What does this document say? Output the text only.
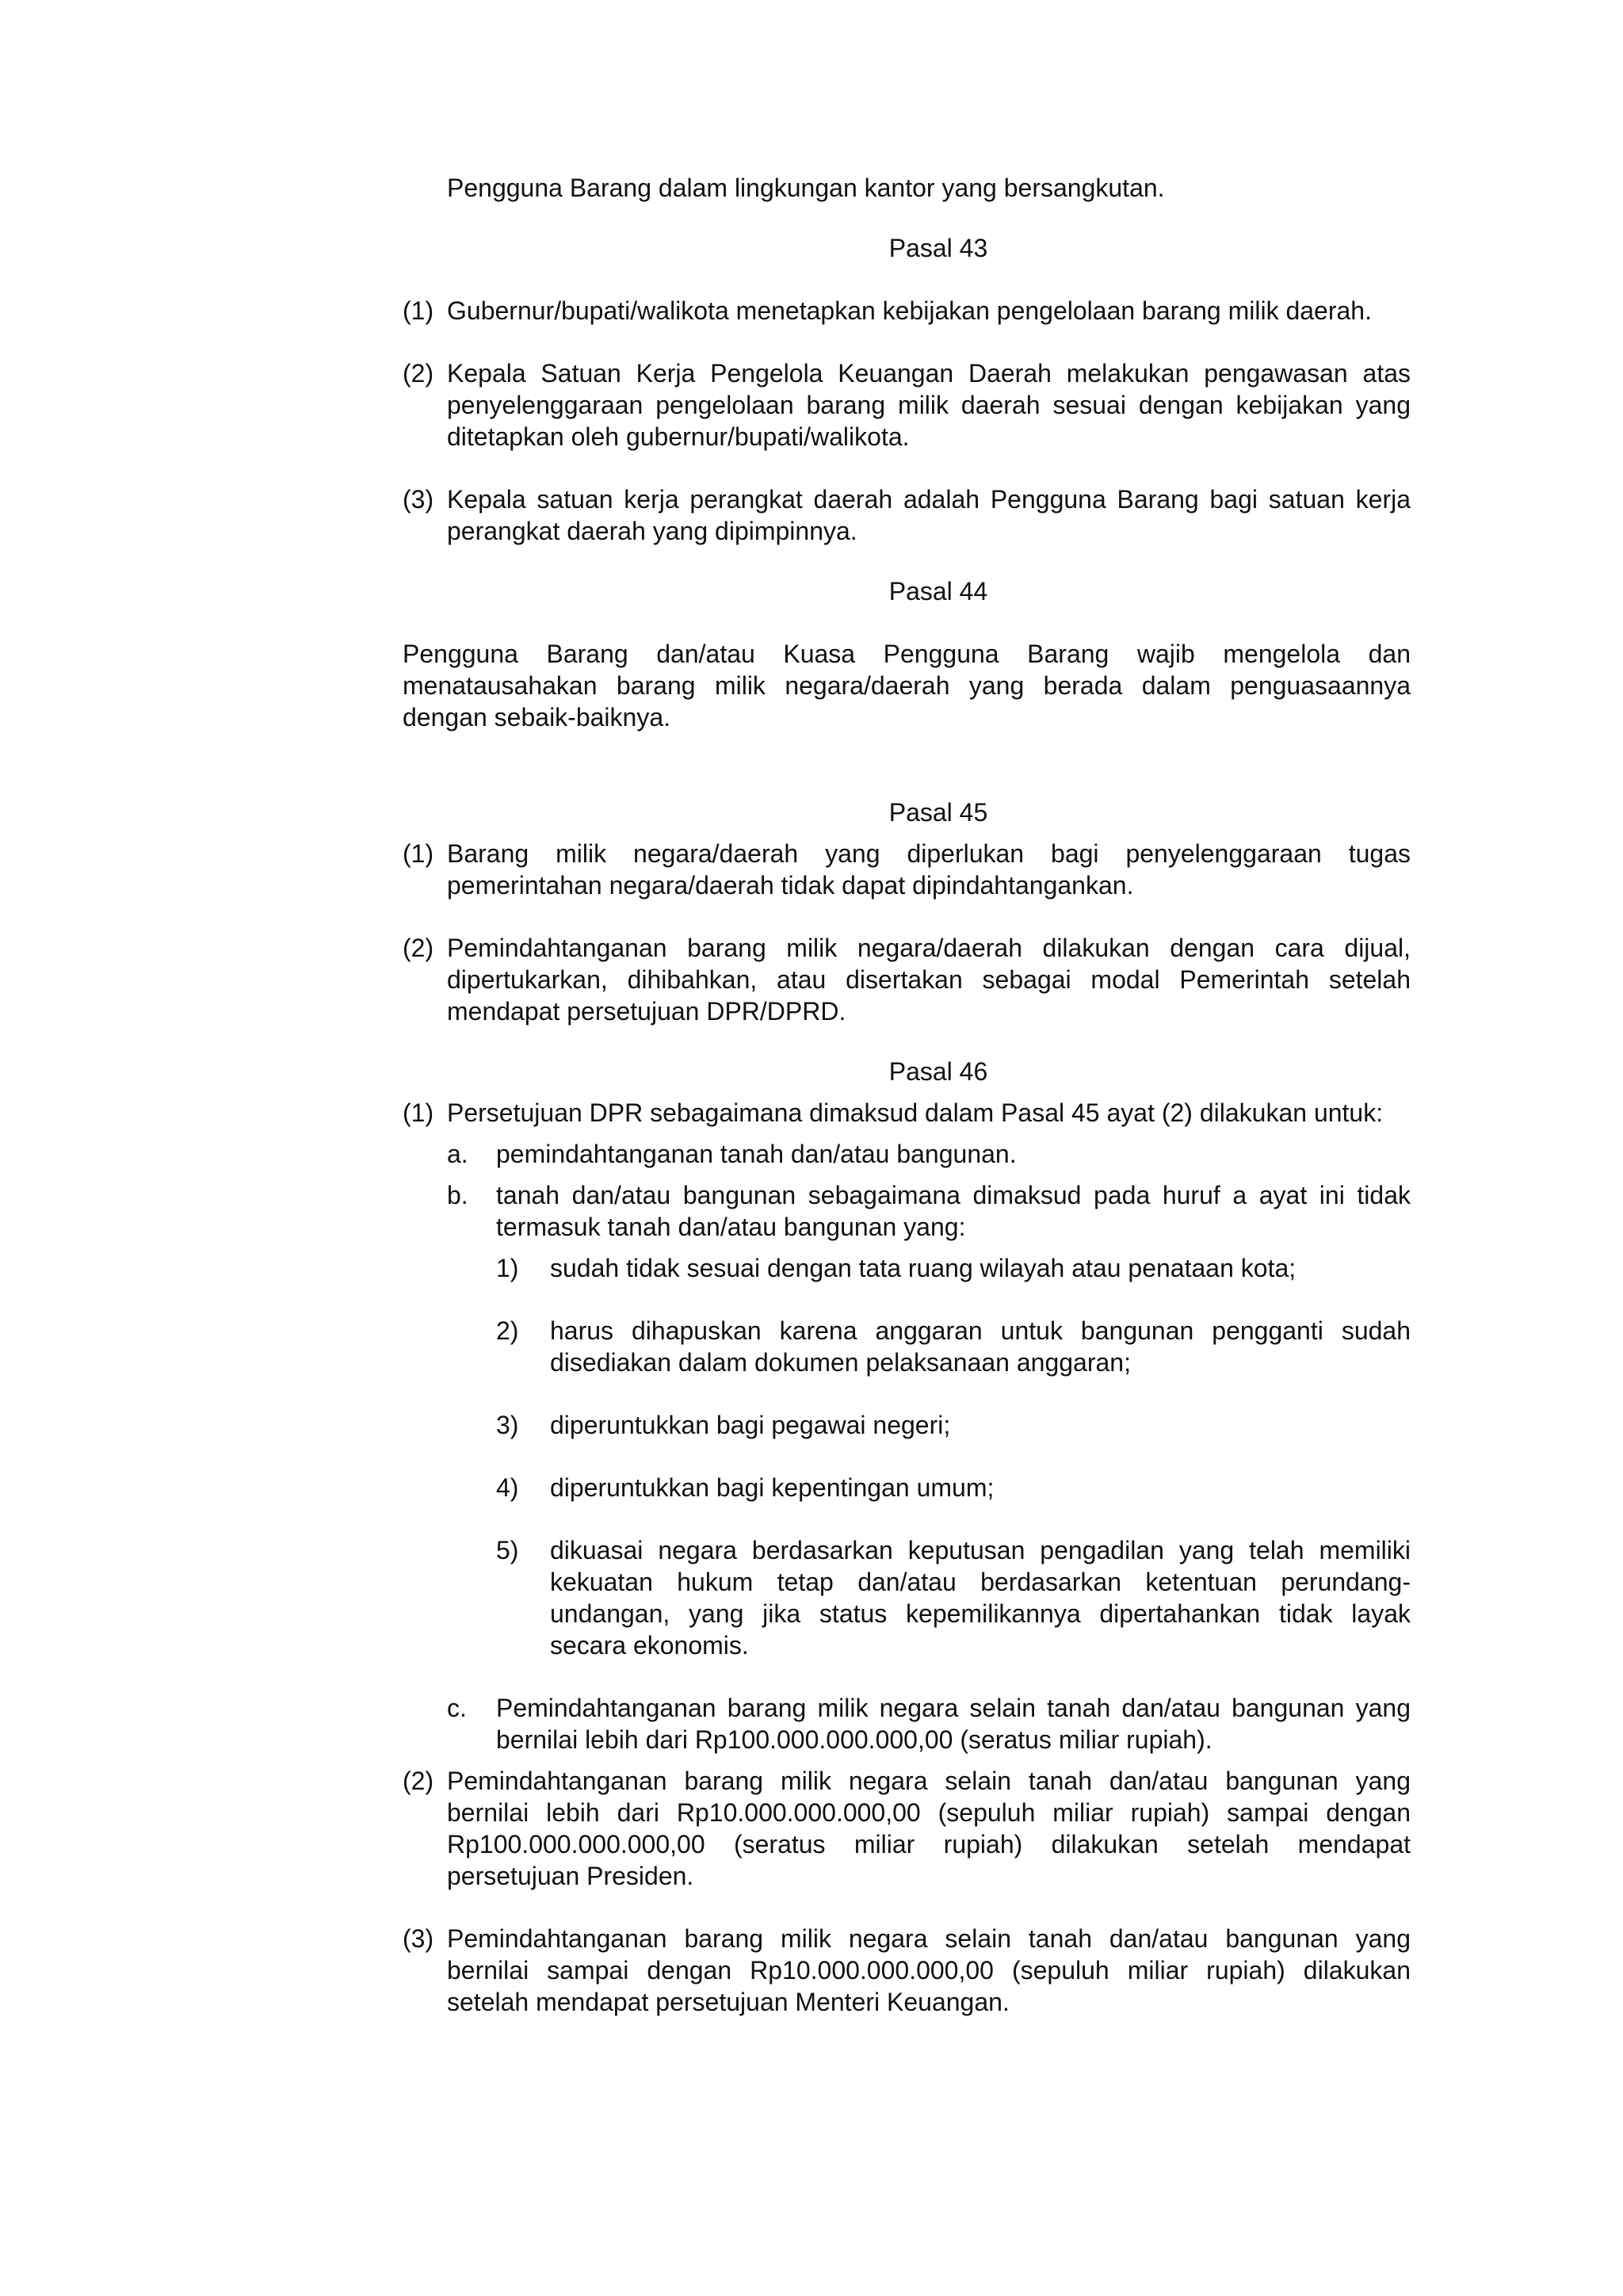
Pengguna Barang dalam lingkungan kantor yang bersangkutan.

Pasal 43

(1) Gubernur/bupati/walikota menetapkan kebijakan pengelolaan barang milik daerah.
(2) Kepala Satuan Kerja Pengelola Keuangan Daerah melakukan pengawasan atas penyelenggaraan pengelolaan barang milik daerah sesuai dengan kebijakan yang ditetapkan oleh gubernur/bupati/walikota.
(3) Kepala satuan kerja perangkat daerah adalah Pengguna Barang bagi satuan kerja perangkat daerah yang dipimpinnya.

Pasal 44

Pengguna Barang dan/atau Kuasa Pengguna Barang wajib mengelola dan menatausahakan barang milik negara/daerah yang berada dalam penguasaannya dengan sebaik-baiknya.

Pasal 45

(1) Barang milik negara/daerah yang diperlukan bagi penyelenggaraan tugas pemerintahan negara/daerah tidak dapat dipindahtangankan.
(2) Pemindahtanganan barang milik negara/daerah dilakukan dengan cara dijual, dipertukarkan, dihibahkan, atau disertakan sebagai modal Pemerintah setelah mendapat persetujuan DPR/DPRD.

Pasal 46

(1) Persetujuan DPR sebagaimana dimaksud dalam Pasal 45 ayat (2) dilakukan untuk:
a.	pemindahtanganan tanah dan/atau bangunan.
b.	tanah dan/atau bangunan sebagaimana dimaksud pada huruf a ayat ini tidak termasuk tanah dan/atau bangunan yang:
1)	sudah tidak sesuai dengan tata ruang wilayah atau penataan kota;
2)	harus dihapuskan karena anggaran untuk bangunan pengganti sudah disediakan dalam dokumen pelaksanaan anggaran;
3)	diperuntukkan bagi pegawai negeri;
4)	diperuntukkan bagi kepentingan umum;
5)	dikuasai negara berdasarkan keputusan pengadilan yang telah memiliki kekuatan hukum tetap dan/atau berdasarkan ketentuan perundang-undangan, yang jika status kepemilikannya dipertahankan tidak layak secara ekonomis.
c.	Pemindahtanganan barang milik negara selain tanah dan/atau bangunan yang bernilai lebih dari Rp100.000.000.000,00 (seratus miliar rupiah).
(2) Pemindahtanganan barang milik negara selain tanah dan/atau bangunan yang bernilai lebih dari Rp10.000.000.000,00 (sepuluh miliar rupiah) sampai dengan Rp100.000.000.000,00 (seratus miliar rupiah) dilakukan setelah mendapat persetujuan Presiden.
(3) Pemindahtanganan barang milik negara selain tanah dan/atau bangunan yang bernilai sampai dengan Rp10.000.000.000,00 (sepuluh miliar rupiah) dilakukan setelah mendapat persetujuan Menteri Keuangan.
